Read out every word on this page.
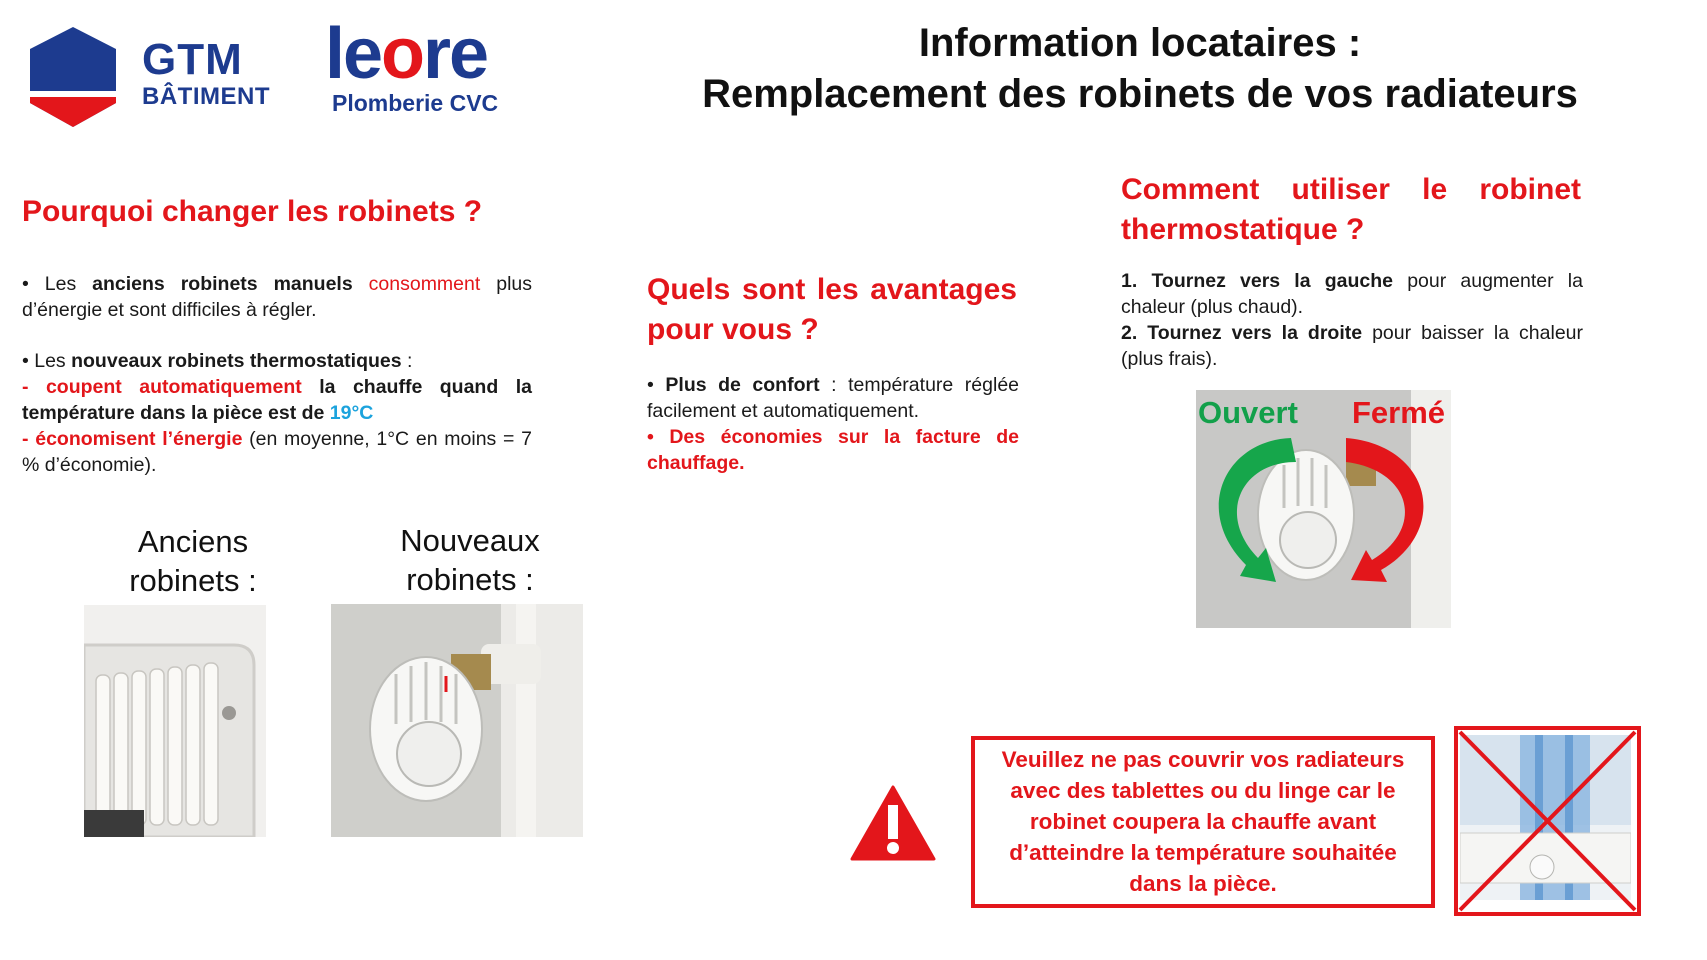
GTM
BÂTIMENT
leore
Plomberie CVC
Information locataires :
Remplacement des robinets de vos radiateurs
Pourquoi changer les robinets ?
• Les anciens robinets manuels consomment plus d’énergie et sont difficiles à régler.
• Les nouveaux robinets thermostatiques :
- coupent automatiquement la chauffe quand la température dans la pièce est de 19°C
- économisent l’énergie (en moyenne, 1°C en moins = 7 % d’économie).
Anciens
robinets :
Nouveaux
robinets :
Quels sont les avantages pour vous ?
• Plus de confort : température réglée facilement et automatiquement.
• Des économies sur la facture de chauffage.
Comment utiliser le robinet
thermostatique ?
1. Tournez vers la gauche pour augmenter la chaleur (plus chaud).
2. Tournez vers la droite pour baisser la chaleur (plus frais).
Ouvert Fermé
Veuillez ne pas couvrir vos radiateurs avec des tablettes ou du linge car le robinet coupera la chauffe avant d’atteindre la température souhaitée dans la pièce.
